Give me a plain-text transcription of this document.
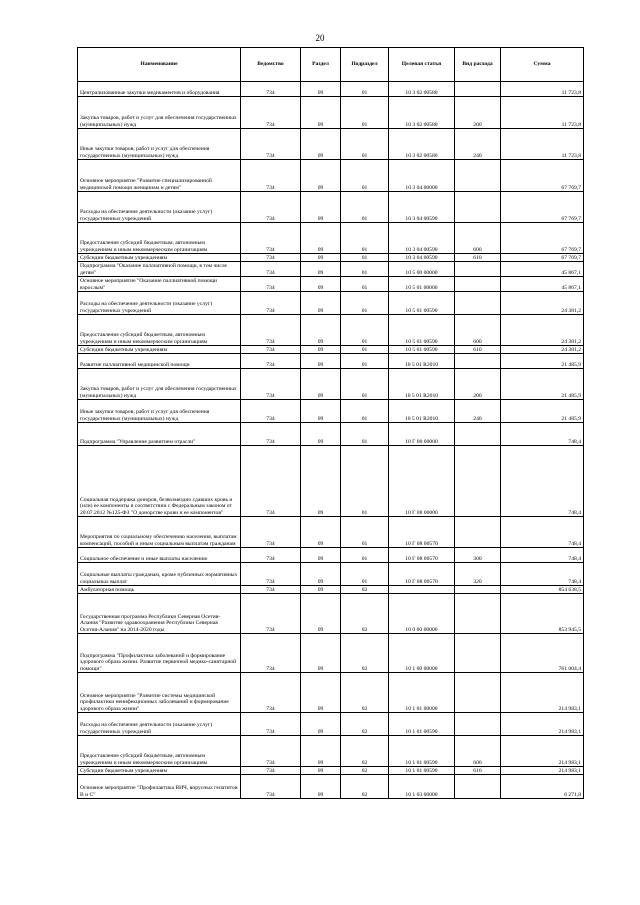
20
Наименование	Ведомство	Раздел	Подраздел	Целевая статья	Вид расхода	Сумма
Централизованные закупки медикаментов и оборудования	734	09	01	10 3 02 00580		11 723,8
Закупка товаров, работ и услуг для обеспечения государственных (муниципальных) нужд	734	09	01	10 3 02 00580	200	11 723,8
Иные закупки товаров, работ и услуг для обеспечения государственных (муниципальных) нужд	734	09	01	10 3 02 00580	240	11 723,8
Основное мероприятие "Развитие специализированной медицинской помощи женщинам и детям"	734	09	01	10 3 04 00000		67 769,7
Расходы на обеспечение деятельности (оказание услуг) государственных учреждений	734	09	01	10 3 04 00590		67 769,7
Предоставление субсидий бюджетным, автономным учреждениям и иным некоммерческим организациям	734	09	01	10 3 04 00590	600	67 769,7
Субсидии бюджетным учреждениям	734	09	01	10 3 04 00590	610	67 769,7
Подпрограмма "Оказание паллиативной помощи, в том числе детям"	734	09	01	10 5 00 00000		45 867,1
Основное мероприятие "Оказание паллиативной помощи взрослым"	734	09	01	10 5 01 00000		45 867,1
Расходы на обеспечение деятельности (оказание услуг) государственных учреждений	734	09	01	10 5 01 00590		24 381,2
Предоставление субсидий бюджетным, автономным учреждениям и иным некоммерческим организациям	734	09	01	10 5 01 00590	600	24 381,2
Субсидии бюджетным учреждениям	734	09	01	10 5 01 00590	610	24 381,2
Развитие паллиативной медицинской помощи	734	09	01	10 5 01 R2010		21 485,9
Закупка товаров, работ и услуг для обеспечения государственных (муниципальных) нужд	734	09	01	10 5 01 R2010	200	21 485,9
Иные закупки товаров, работ и услуг для обеспечения государственных (муниципальных) нужд	734	09	01	10 5 01 R2010	240	21 485,9
Подпрограмма "Управление развитием отрасли"	734	09	01	10 Г 00 00000		748,4
Социальная поддержка доноров, безвозмездно сдавших кровь и (или) ее компоненты в соответствии с Федеральным законом от 20.07.2012 №125-ФЗ "О донорстве крови и ее компонентов"	734	09	01	10 Г 08 00000		748,4
Мероприятия по социальному обеспечению населения, выплатам компенсаций, пособий и иным социальным выплатам гражданам	734	09	01	10 Г 08 00570		748,4
Социальное обеспечение и иные выплаты населению	734	09	01	10 Г 08 00570	300	748,4
Социальные выплаты гражданам, кроме публичных нормативных социальных выплат	734	09	01	10 Г 08 00570	320	748,4
Амбулаторная помощь	734	09	02			854 638,5
Государственная программа Республики Северная Осетия-Алания "Развитие здравоохранения Республики Северная Осетия-Алания" на 2014-2020 годы	734	09	02	10 0 00 00000		853 945,5
Подпрограмма "Профилактика заболеваний и формирование здорового образа жизни. Развитие первичной медико-санитарной помощи"	734	09	02	10 1 00 00000		761 004,4
Основное мероприятие "Развитие системы медицинской профилактики неинфекционных заболеваний и формирование здорового образа жизни"	734	09	02	10 1 01 00000		214 983,1
Расходы на обеспечение деятельности (оказание услуг) государственных учреждений	734	09	02	10 1 01 00590		214 983,1
Предоставление субсидий бюджетным, автономным учреждениям и иным некоммерческим организациям	734	09	02	10 1 01 00590	600	214 983,1
Субсидии бюджетным учреждениям	734	09	02	10 1 01 00590	610	214 983,1
Основное мероприятие "Профилактика ВИЧ, вирусных гепатитов В и С"	734	09	02	10 1 03 00000		6 271,8
